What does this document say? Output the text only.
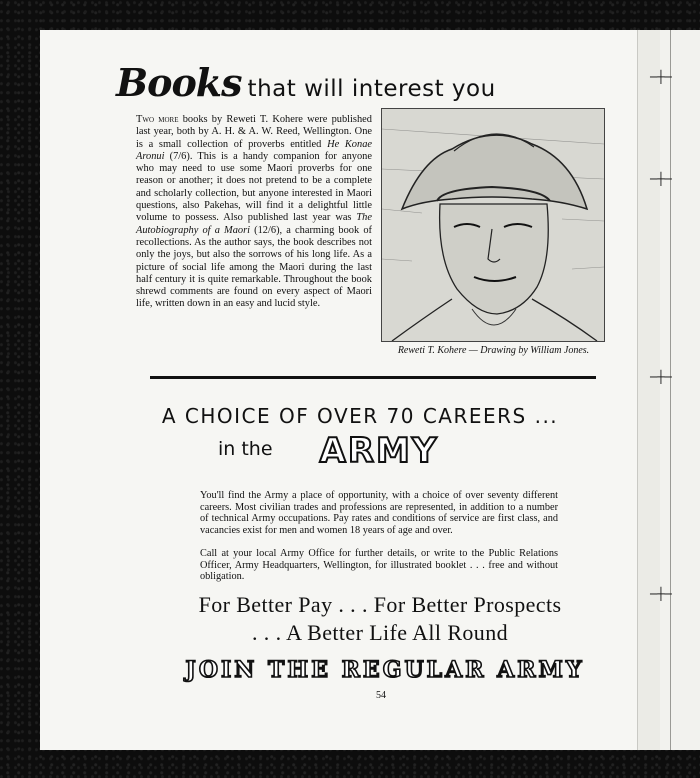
─┼─
─┼─
─┼─
─┼─
Books that will interest you
Two more books by Reweti T. Kohere were published last year, both by A. H. & A. W. Reed, Wellington. One is a small collection of proverbs entitled He Konae Aronui (7/6). This is a handy companion for anyone who may need to use some Maori proverbs for one reason or another; it does not pretend to be a complete and scholarly collection, but anyone interested in Maori questions, also Pakehas, will find it a delightful little volume to possess. Also published last year was The Autobiography of a Maori (12/6), a charming book of recollections. As the author says, the book describes not only the joys, but also the sorrows of his long life. As a picture of social life among the Maori during the last half century it is quite remarkable. Throughout the book shrewd comments are found on every aspect of Maori life, written down in an easy and lucid style.
Reweti T. Kohere — Drawing by William Jones.
A CHOICE OF OVER 70 CAREERS ...
in the ARMY
You'll find the Army a place of opportunity, with a choice of over seventy different careers. Most civilian trades and professions are represented, in addition to a number of technical Army occupations. Pay rates and conditions of service are first class, and vacancies exist for men and women 18 years of age and over.
Call at your local Army Office for further details, or write to the Public Relations Officer, Army Headquarters, Wellington, for illustrated booklet . . . free and without obligation.
For Better Pay . . . For Better Prospects
. . . A Better Life All Round
JOIN THE REGULAR ARMY
54
